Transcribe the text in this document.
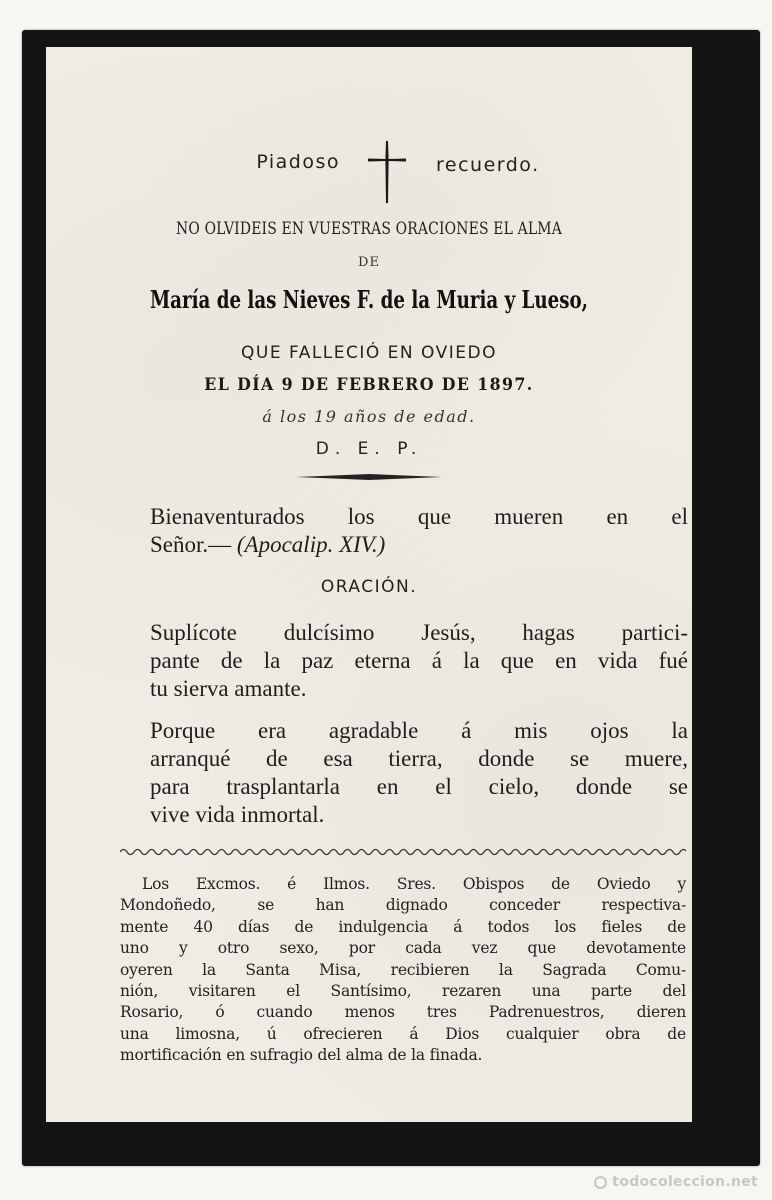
Piadoso	recuerdo.
NO OLVIDEIS EN VUESTRAS ORACIONES EL ALMA
DE
María de las Nieves F. de la Muria y Lueso,
QUE FALLECIÓ EN OVIEDO
EL DÍA 9 DE FEBRERO DE 1897.
á los 19 años de edad.
D. E. P.
Bienaventurados los que mueren en el
Señor.— (Apocalip. XIV.)
ORACIÓN.
Suplícote dulcísimo Jesús, hagas partici-
pante de la paz eterna á la que en vida fué
tu sierva amante.
Porque era agradable á mis ojos la
arranqué de esa tierra, donde se muere,
para trasplantarla en el cielo, donde se
vive vida inmortal.
Los Excmos. é Ilmos. Sres. Obispos de Oviedo y
Mondoñedo, se han dignado conceder respectiva-
mente 40 días de indulgencia á todos los fieles de
uno y otro sexo, por cada vez que devotamente
oyeren la Santa Misa, recibieren la Sagrada Comu-
nión, visitaren el Santísimo, rezaren una parte del
Rosario, ó cuando menos tres Padrenuestros, dieren
una limosna, ú ofrecieren á Dios cualquier obra de
mortificación en sufragio del alma de la finada.
todocoleccion.net
